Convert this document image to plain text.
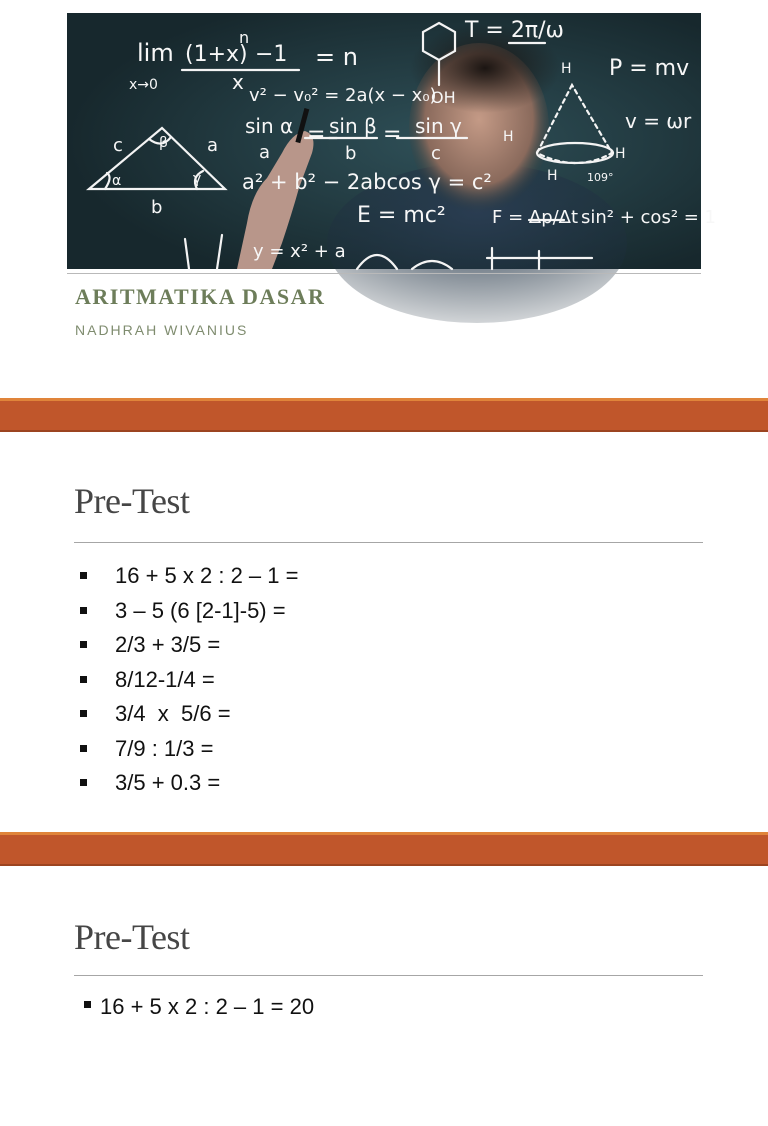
lim
x→0
(1+x)
n
−1 = n
x
v² − v₀² = 2a(x − x₀)
sin α
a
= sin β
b
= sin γ
c
a² + b² − 2abcos γ = c²
E = mc²	F = Δp/Δt sin² + cos² = 1
y = x² + a
T = 2π/ω
P = mv
v = ωr
OH
H
H
H
H	109°
c	a
b
β
α	γ
ARITMATIKA DASAR

NADHRAH WIVANIUS

Pre-Test
16 + 5 x 2 : 2 – 1 =
3 – 5 (6 [2-1]-5) =
2/3 + 3/5 =
8/12-1/4 =
3/4  x  5/6 =
7/9 : 1/3 =
3/5 + 0.3 =
Pre-Test

16 + 5 x 2 : 2 – 1 = 20
